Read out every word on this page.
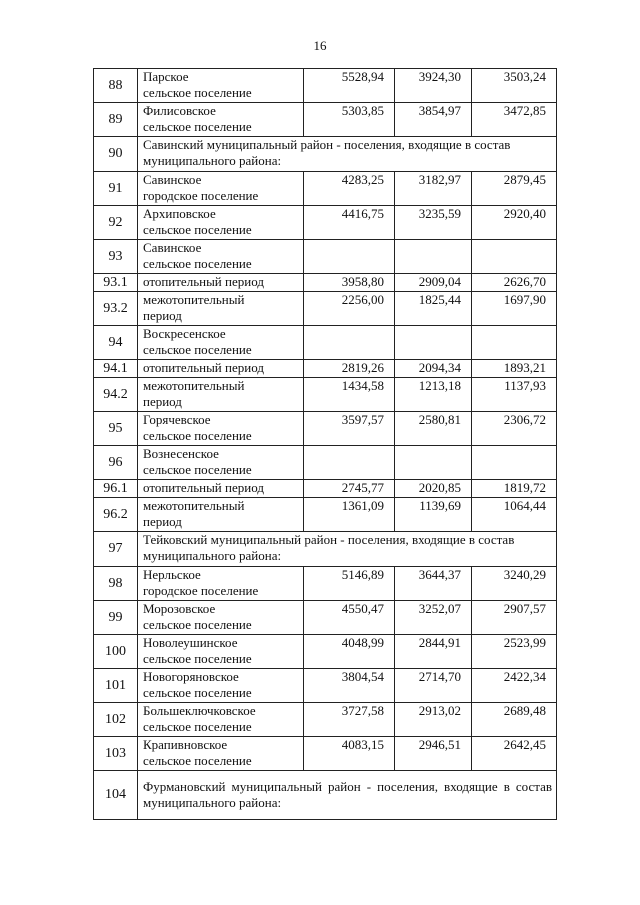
16
88	Парское
сельское поселение	5528,94	3924,30	3503,24
89	Филисовское
сельское поселение	5303,85	3854,97	3472,85
90	Савинский муниципальный район - поселения, входящие в состав муниципального района:			
91	Савинское
городское поселение	4283,25	3182,97	2879,45
92	Архиповское
сельское поселение	4416,75	3235,59	2920,40
93	Савинское
сельское поселение			
93.1	отопительный период	3958,80	2909,04	2626,70
93.2	межотопительный
период	2256,00	1825,44	1697,90
94	Воскресенское
сельское поселение			
94.1	отопительный период	2819,26	2094,34	1893,21
94.2	межотопительный
период	1434,58	1213,18	1137,93
95	Горячевское
сельское поселение	3597,57	2580,81	2306,72
96	Вознесенское
сельское поселение			
96.1	отопительный период	2745,77	2020,85	1819,72
96.2	межотопительный
период	1361,09	1139,69	1064,44
97	Тейковский муниципальный район - поселения, входящие в состав муниципального района:			
98	Нерльское
городское поселение	5146,89	3644,37	3240,29
99	Морозовское
сельское поселение	4550,47	3252,07	2907,57
100	Новолеушинское
сельское поселение	4048,99	2844,91	2523,99
101	Новогоряновское
сельское поселение	3804,54	2714,70	2422,34
102	Большеключковское
сельское поселение	3727,58	2913,02	2689,48
103	Крапивновское
сельское поселение	4083,15	2946,51	2642,45
104	Фурмановский муниципальный район - поселения, входящие в состав муниципального района:			
